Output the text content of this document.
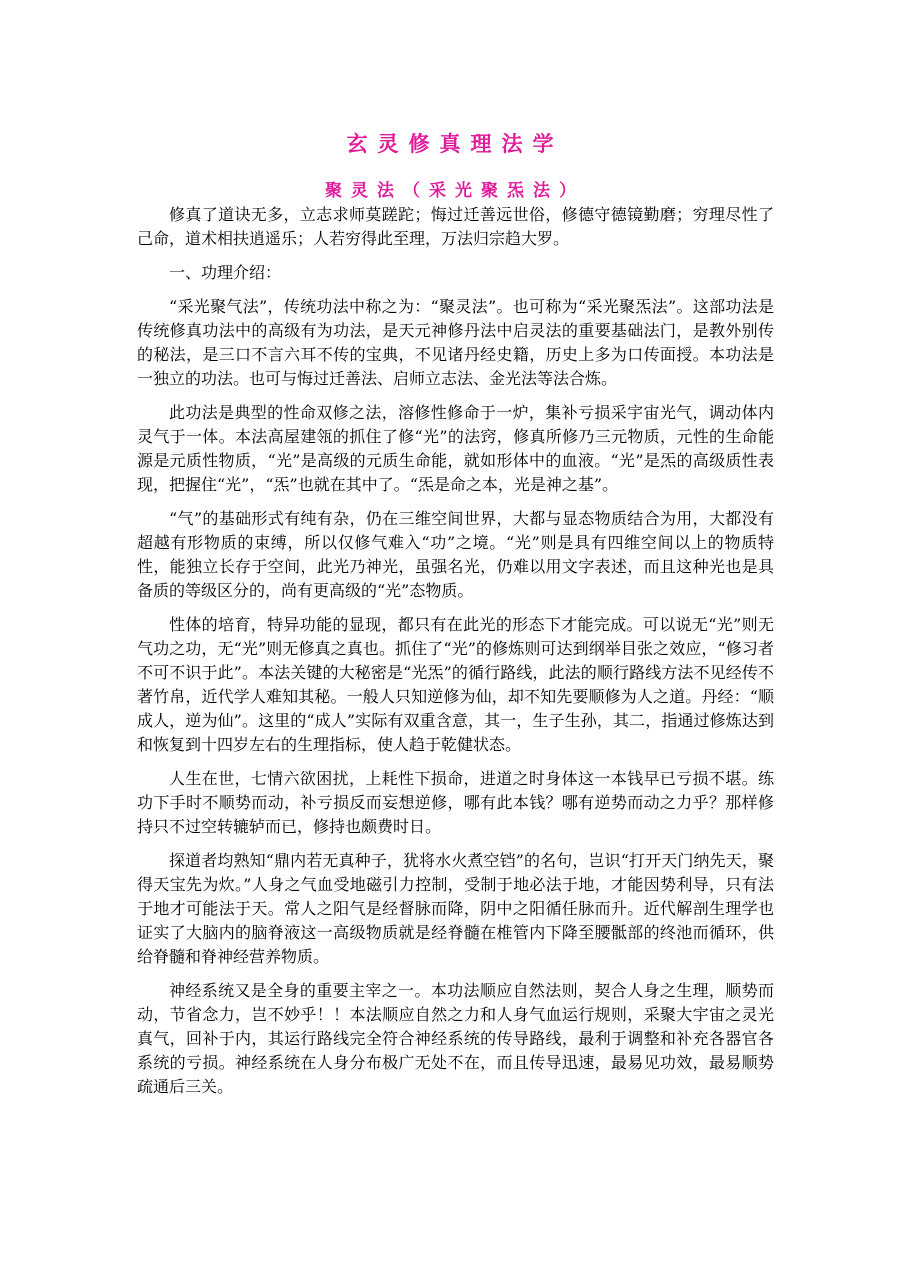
玄灵修真理法学
聚灵法（采光聚炁法）

修真了道诀无多，立志求师莫蹉跎；悔过迁善远世俗，修德守德镜勤磨；穷理尽性了己命，道术相扶逍遥乐；人若穷得此至理，万法归宗趋大罗。

一、功理介绍：

“采光聚气法”，传统功法中称之为：“聚灵法”。也可称为“采光聚炁法”。这部功法是传统修真功法中的高级有为功法，是天元神修丹法中启灵法的重要基础法门，是教外别传的秘法，是三口不言六耳不传的宝典，不见诸丹经史籍，历史上多为口传面授。本功法是一独立的功法。也可与悔过迁善法、启师立志法、金光法等法合炼。

此功法是典型的性命双修之法，溶修性修命于一炉，集补亏损采宇宙光气，调动体内灵气于一体。本法高屋建瓴的抓住了修“光”的法窍，修真所修乃三元物质，元性的生命能源是元质性物质，“光”是高级的元质生命能，就如形体中的血液。“光”是炁的高级质性表现，把握住“光”，“炁”也就在其中了。“炁是命之本，光是神之基”。

“气”的基础形式有纯有杂，仍在三维空间世界，大都与显态物质结合为用，大都没有超越有形物质的束缚，所以仅修气难入“功”之境。“光”则是具有四维空间以上的物质特性，能独立长存于空间，此光乃神光，虽强名光，仍难以用文字表述，而且这种光也是具备质的等级区分的，尚有更高级的“光”态物质。

性体的培育，特异功能的显现，都只有在此光的形态下才能完成。可以说无“光”则无气功之功，无“光”则无修真之真也。抓住了“光”的修炼则可达到纲举目张之效应，“修习者不可不识于此”。本法关键的大秘密是“光炁”的循行路线，此法的顺行路线方法不见经传不著竹帛，近代学人难知其秘。一般人只知逆修为仙，却不知先要顺修为人之道。丹经：“顺成人，逆为仙”。这里的“成人”实际有双重含意，其一，生子生孙，其二，指通过修炼达到和恢复到十四岁左右的生理指标，使人趋于乾健状态。

人生在世，七情六欲困扰，上耗性下损命，进道之时身体这一本钱早已亏损不堪。练功下手时不顺势而动，补亏损反而妄想逆修，哪有此本钱？哪有逆势而动之力乎？那样修持只不过空转辘轳而已，修持也颇费时日。

探道者均熟知“鼎内若无真种子，犹将水火煮空铛”的名句，岂识“打开天门纳先天，聚得天宝先为炊。”人身之气血受地磁引力控制，受制于地必法于地，才能因势利导，只有法于地才可能法于天。常人之阳气是经督脉而降，阴中之阳循任脉而升。近代解剖生理学也证实了大脑内的脑脊液这一高级物质就是经脊髓在椎管内下降至腰骶部的终池而循环，供给脊髓和脊神经营养物质。

神经系统又是全身的重要主宰之一。本功法顺应自然法则，契合人身之生理，顺势而动，节省念力，岂不妙乎！！本法顺应自然之力和人身气血运行规则，采聚大宇宙之灵光真气，回补于内，其运行路线完全符合神经系统的传导路线，最利于调整和补充各器官各系统的亏损。神经系统在人身分布极广无处不在，而且传导迅速，最易见功效，最易顺势疏通后三关。
